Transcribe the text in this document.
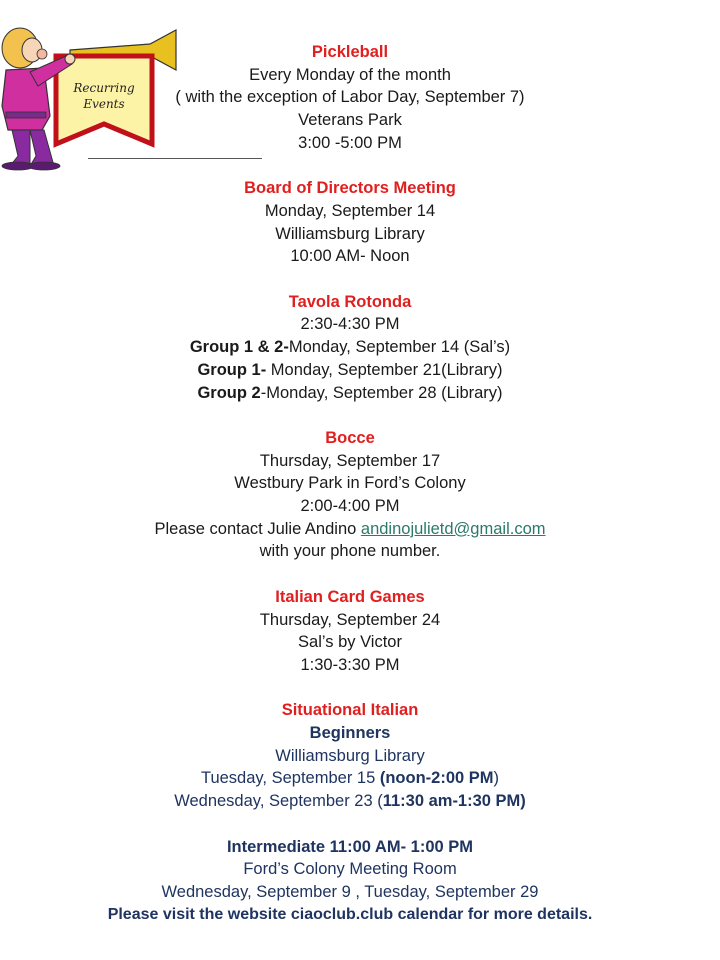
Recurring
Events

Pickleball

Every Monday of the month

( with the exception of Labor Day, September 7)

Veterans Park

3:00 -5:00 PM

Board of Directors Meeting

Monday, September 14

Williamsburg Library

10:00 AM- Noon

Tavola Rotonda

2:30-4:30 PM

Group 1 & 2-Monday, September 14 (Sal’s)

Group 1- Monday, September 21(Library)

Group 2-Monday, September 28 (Library)

Bocce

Thursday, September 17

Westbury Park in Ford’s Colony

2:00-4:00 PM

Please contact Julie Andino andinojulietd@gmail.com

with your phone number.

Italian Card Games

Thursday, September 24

Sal’s by Victor

1:30-3:30 PM

Situational Italian

Beginners

Williamsburg Library

Tuesday, September 15 (noon-2:00 PM)

Wednesday, September 23 (11:30 am-1:30 PM)

Intermediate 11:00 AM- 1:00 PM

Ford’s Colony Meeting Room

Wednesday, September 9 , Tuesday, September 29

Please visit the website ciaoclub.club calendar for more details.
